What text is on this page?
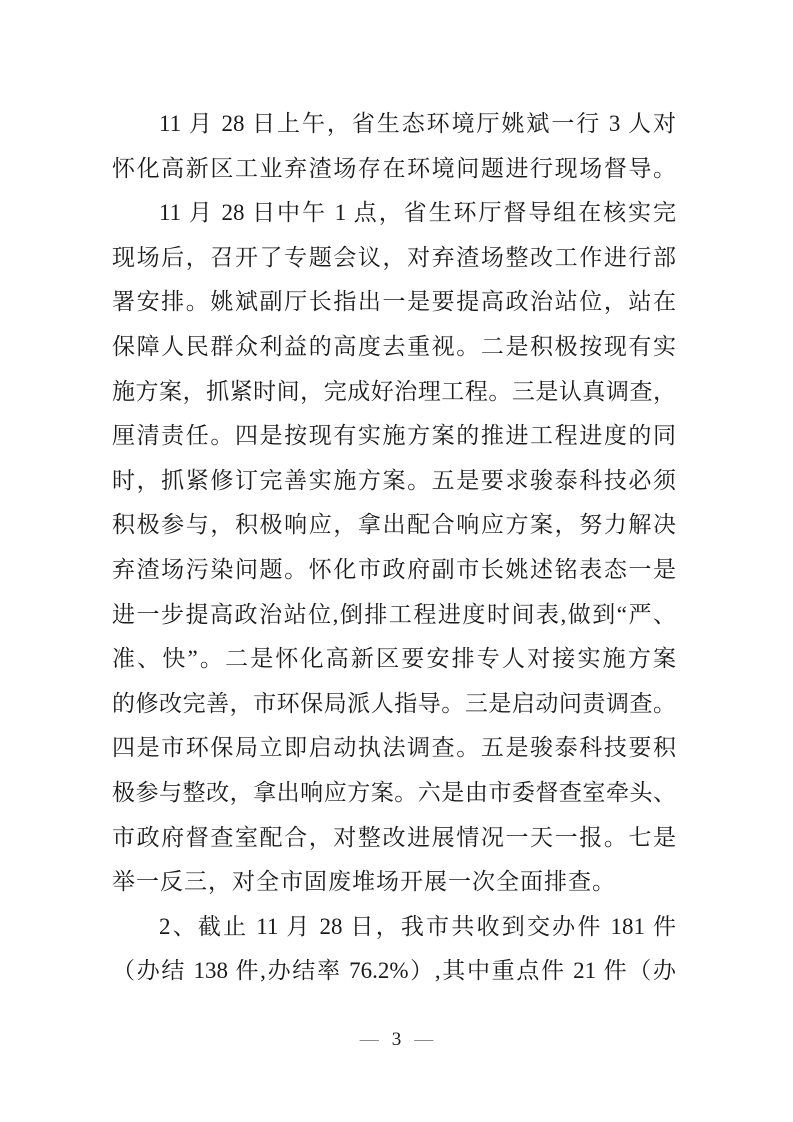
11 月 28 日上午，省生态环境厅姚斌一行 3 人对
怀化高新区工业弃渣场存在环境问题进行现场督导。
11 月 28 日中午 1 点，省生环厅督导组在核实完
现场后，召开了专题会议，对弃渣场整改工作进行部
署安排。姚斌副厅长指出一是要提高政治站位，站在
保障人民群众利益的高度去重视。二是积极按现有实
施方案，抓紧时间，完成好治理工程。三是认真调查，
厘清责任。四是按现有实施方案的推进工程进度的同
时，抓紧修订完善实施方案。五是要求骏泰科技必须
积极参与，积极响应，拿出配合响应方案，努力解决
弃渣场污染问题。怀化市政府副市长姚述铭表态一是
进一步提高政治站位,倒排工程进度时间表,做到“严、
准、快”。二是怀化高新区要安排专人对接实施方案
的修改完善，市环保局派人指导。三是启动问责调查。
四是市环保局立即启动执法调查。五是骏泰科技要积
极参与整改，拿出响应方案。六是由市委督查室牵头、
市政府督查室配合，对整改进展情况一天一报。七是
举一反三，对全市固废堆场开展一次全面排查。
2、截止 11 月 28 日，我市共收到交办件 181 件
（办结 138 件,办结率 76.2%）,其中重点件 21 件（办
— 3 —
